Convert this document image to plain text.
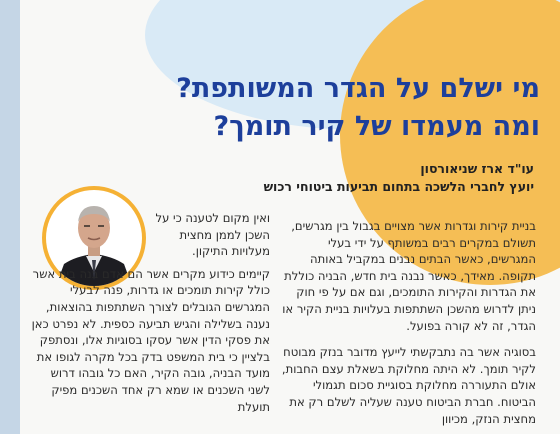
מי ישלם על הגדר המשותפת?
ומה מעמדו של קיר תומך?
עו"ד ארז שניאורסון
יועץ לחברי הלשכה בתחום תביעות ביטוחי רכוש

בניית קירות וגדרות אשר מצויים בגבול בין מגרשים, תשולם במקרים רבים במשותף על ידי בעלי המגרשים, כאשר הבתים נבנים במקביל באותה תקופה. מאידך, כאשר נבנה בית חדש, הבניה כוללת את הגדרות והקירות התומכים, וגם אם על פי חוק ניתן לדרוש מהשכן השתתפות בעלויות בניית הקיר או הגדר, זה לא קורה בפועל.

בסוגיה אשר בה נתבקשתי לייעץ מדובר בנזק מבוטח לקיר תומך. לא היתה מחלוקת בשאלת עצם החבות, אולם התעוררה מחלוקת בסוגיית סכום תגמולי הביטוח. חברת הביטוח טענה שעליה לשלם רק את מחצית הנזק, מכיוון

ואין מקום לטענה כי על השכן לממן מחצית מעלויות התיקון.

קיימים כידוע מקרים אשר הם אדם בנה בית אשר כולל קירות תומכים או גדרות, פנה לבעלי המגרשים הגובלים לצורך השתתפות בהוצאות, נענה בשלילה והגיש תביעה כספית. לא נפרט כאן את פסקי הדין אשר עסקו בסוגיות אלו, ונסתפק בלציין כי בית המשפט בדק בכל מקרה לגופו את מועד הבניה, גובה הקיר, האם כל גובהו דרוש לשני השכנים או שמא רק אחד השכנים מפיק תועלת
